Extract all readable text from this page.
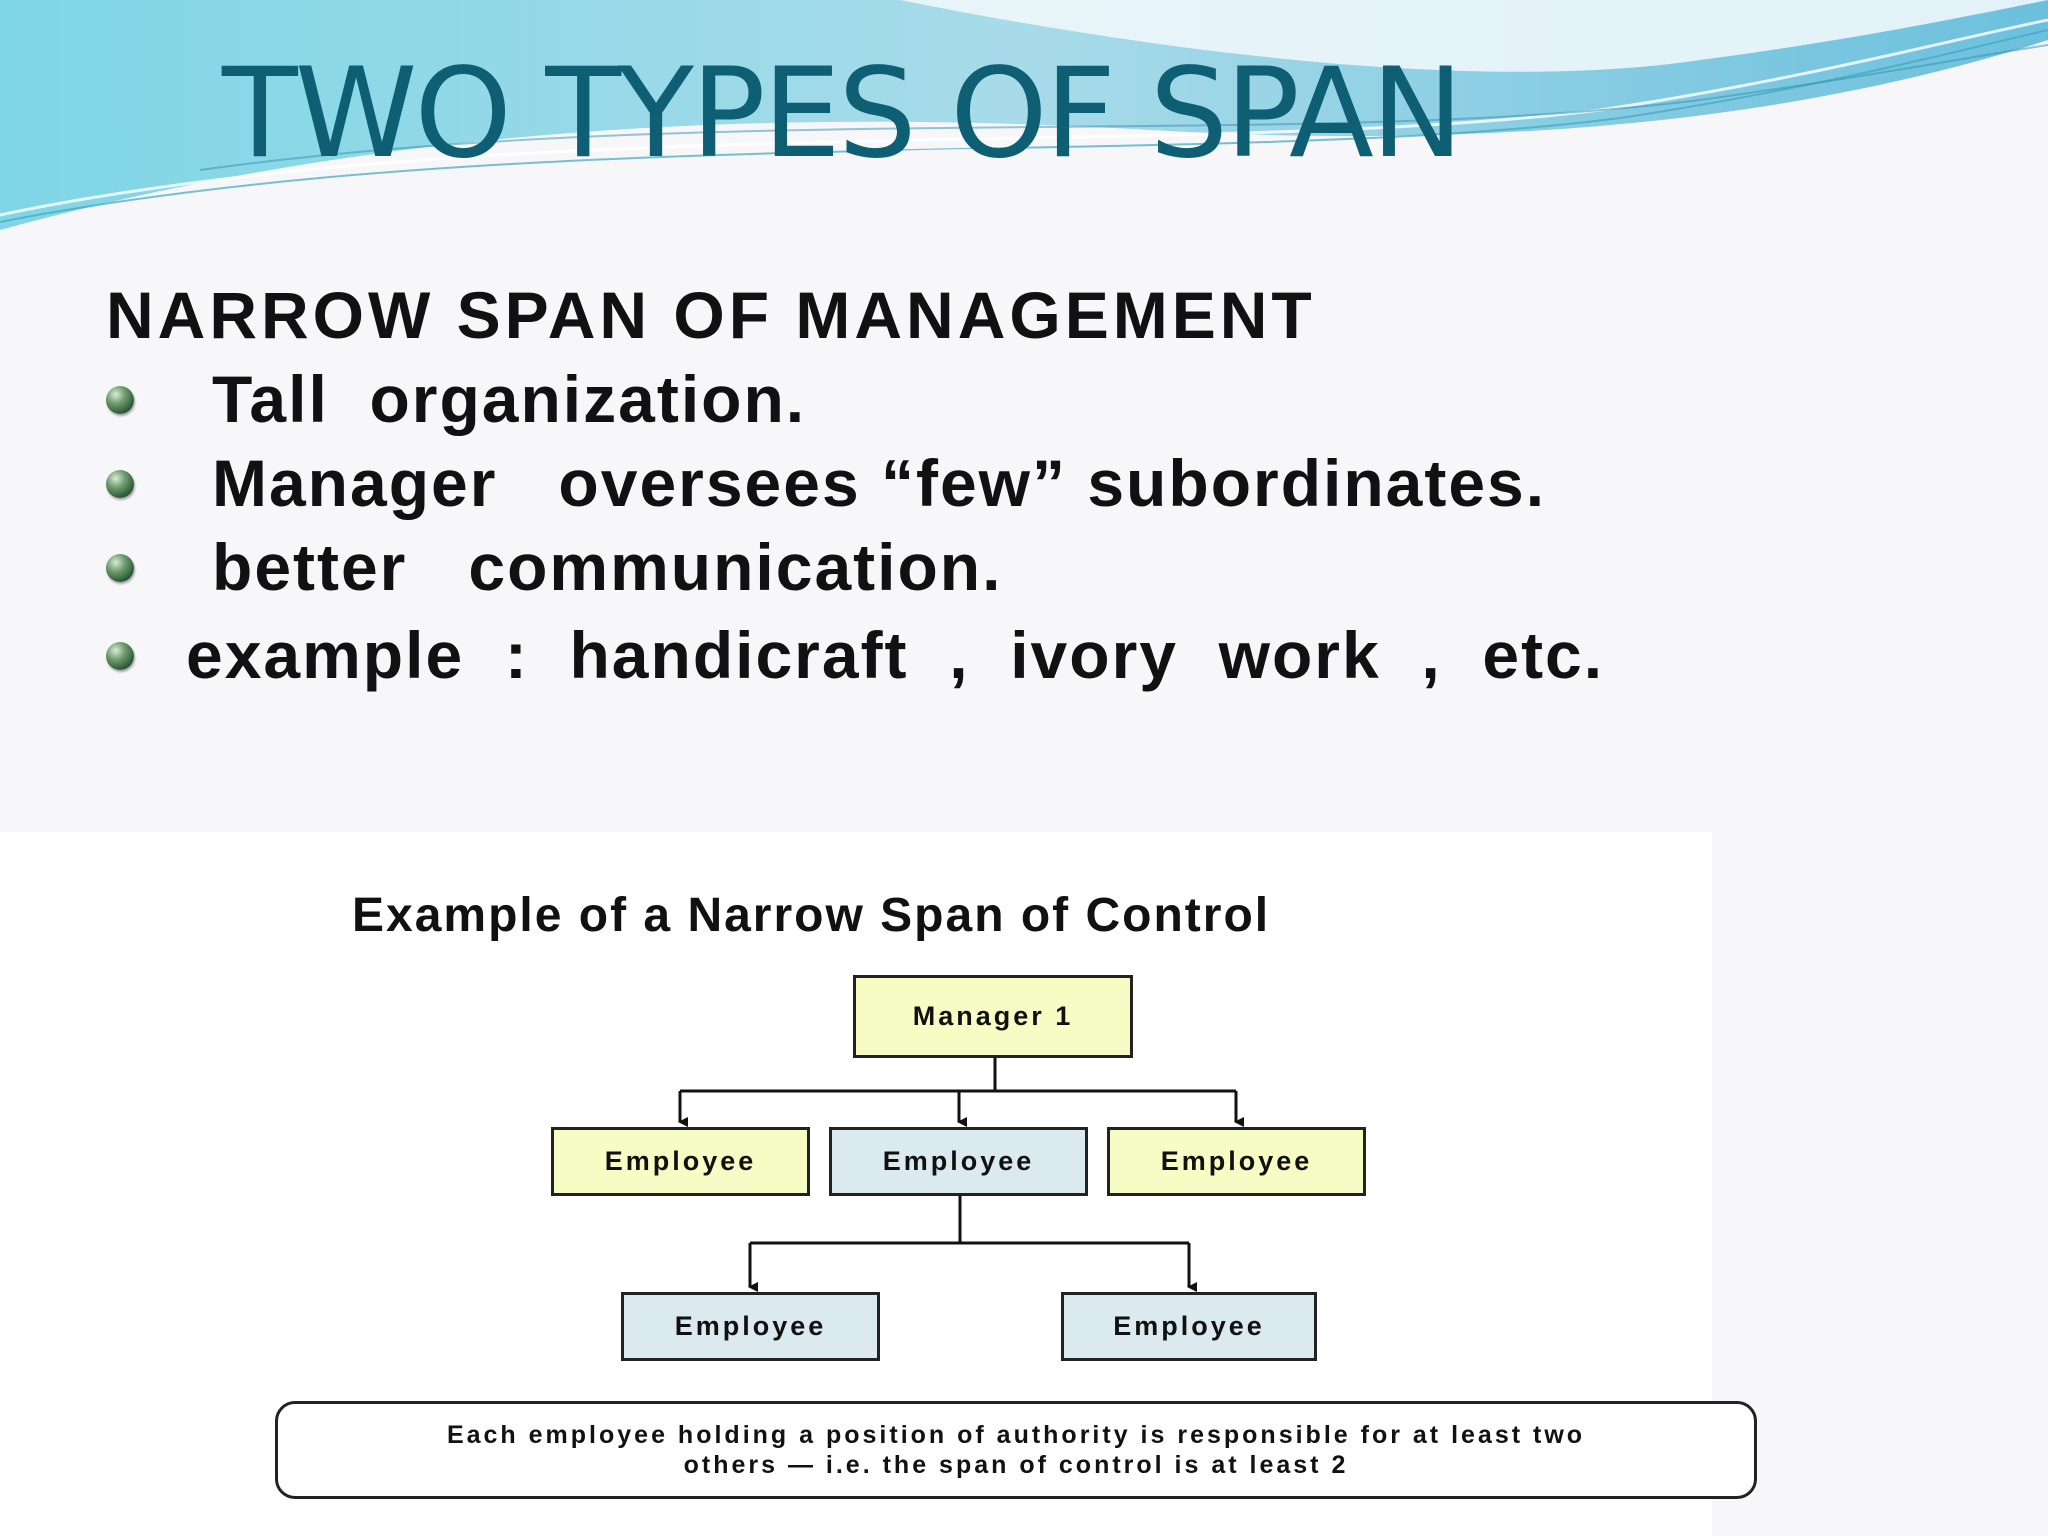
TWO TYPES OF SPAN
NARROW SPAN OF MANAGEMENT
Tall  organization.
Manager   oversees “few” subordinates.
better   communication.
example  :  handicraft  ,  ivory  work  ,  etc.
Example of a Narrow Span of Control
Manager 1
Employee	Employee	Employee
Employee	Employee
Each employee holding a position of authority is responsible for at least two
others — i.e. the span of control is at least 2
